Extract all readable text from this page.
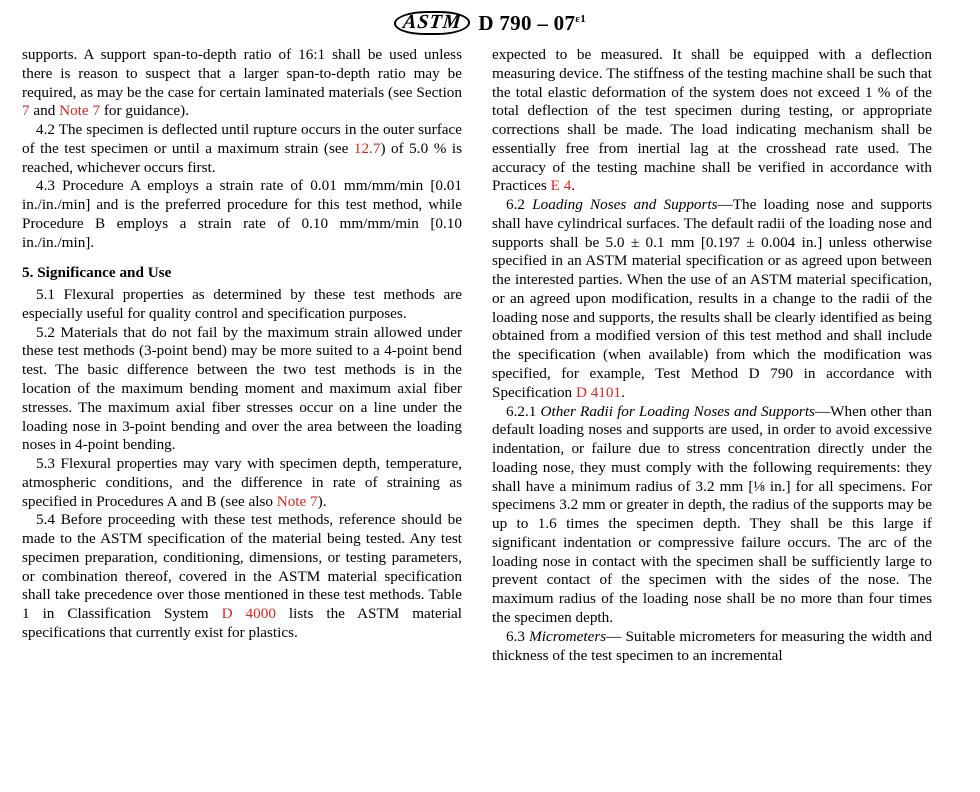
ASTM D $790 - 07^{\varepsilon 1}$

supports. A support span-to-depth ratio of 16:1 shall be used unless there is reason to suspect that a larger span-to-depth ratio may be required, as may be the case for certain laminated materials (see Section 7 and Note 7 for guidance).

4.2 The specimen is deflected until rupture occurs in the outer surface of the test specimen or until a maximum strain (see 12.7) of 5.0 % is reached, whichever occurs first.

4.3 Procedure A employs a strain rate of 0.01 mm/mm/min [0.01 in./in./min] and is the preferred procedure for this test method, while Procedure B employs a strain rate of 0.10 mm/mm/min [0.10 in./in./min].

5. Significance and Use

5.1 Flexural properties as determined by these test methods are especially useful for quality control and specification purposes.

5.2 Materials that do not fail by the maximum strain allowed under these test methods (3-point bend) may be more suited to a 4-point bend test. The basic difference between the two test methods is in the location of the maximum bending moment and maximum axial fiber stresses. The maximum axial fiber stresses occur on a line under the loading nose in 3-point bending and over the area between the loading noses in 4-point bending.

5.3 Flexural properties may vary with specimen depth, temperature, atmospheric conditions, and the difference in rate of straining as specified in Procedures A and B (see also Note 7).

5.4 Before proceeding with these test methods, reference should be made to the ASTM specification of the material being tested. Any test specimen preparation, conditioning, dimensions, or testing parameters, or combination thereof, covered in the ASTM material specification shall take precedence over those mentioned in these test methods. Table 1 in Classification System D 4000 lists the ASTM material specifications that currently exist for plastics.

expected to be measured. It shall be equipped with a deflection measuring device. The stiffness of the testing machine shall be such that the total elastic deformation of the system does not exceed 1 % of the total deflection of the test specimen during testing, or appropriate corrections shall be made. The load indicating mechanism shall be essentially free from inertial lag at the crosshead rate used. The accuracy of the testing machine shall be verified in accordance with Practices E 4.

6.2 Loading Noses and Supports—The loading nose and supports shall have cylindrical surfaces. The default radii of the loading nose and supports shall be 5.0 ± 0.1 mm [0.197 ± 0.004 in.] unless otherwise specified in an ASTM material specification or as agreed upon between the interested parties. When the use of an ASTM material specification, or an agreed upon modification, results in a change to the radii of the loading nose and supports, the results shall be clearly identified as being obtained from a modified version of this test method and shall include the specification (when available) from which the modification was specified, for example, Test Method D 790 in accordance with Specification D 4101.

6.2.1 Other Radii for Loading Noses and Supports—When other than default loading noses and supports are used, in order to avoid excessive indentation, or failure due to stress concentration directly under the loading nose, they must comply with the following requirements: they shall have a minimum radius of 3.2 mm [⅛ in.] for all specimens. For specimens 3.2 mm or greater in depth, the radius of the supports may be up to 1.6 times the specimen depth. They shall be this large if significant indentation or compressive failure occurs. The arc of the loading nose in contact with the specimen shall be sufficiently large to prevent contact of the specimen with the sides of the nose. The maximum radius of the loading nose shall be no more than four times the specimen depth.

6.3 Micrometers— Suitable micrometers for measuring the width and thickness of the test specimen to an incremental
